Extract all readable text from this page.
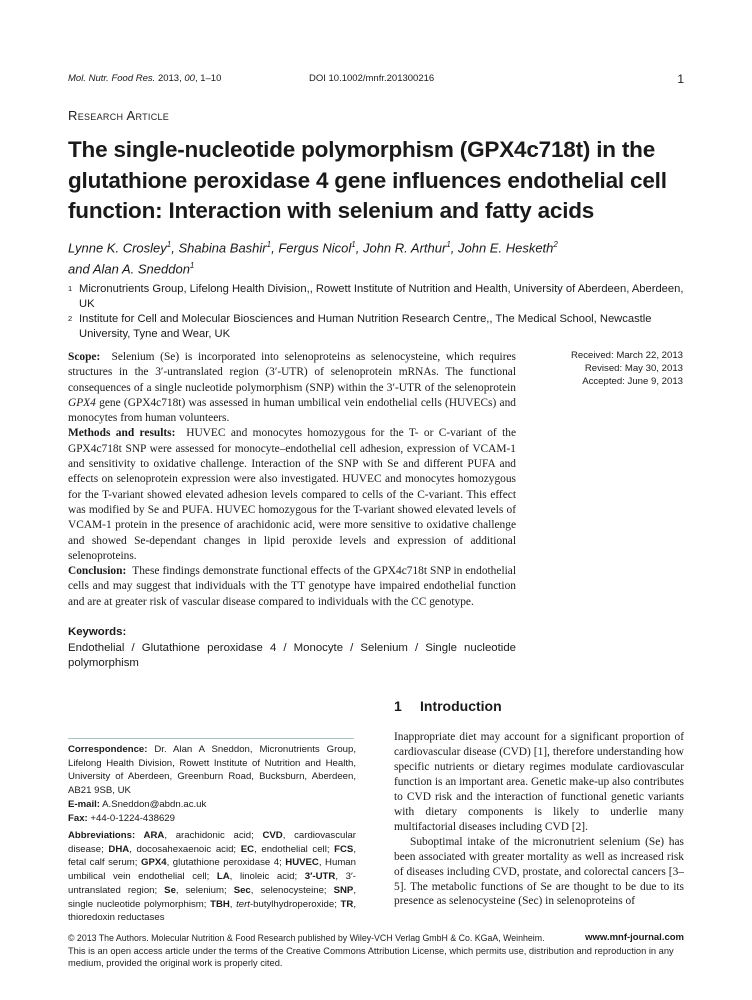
Mol. Nutr. Food Res. 2013, 00, 1–10	DOI 10.1002/mnfr.201300216	1
Research Article
The single-nucleotide polymorphism (GPX4c718t) in the glutathione peroxidase 4 gene influences endothelial cell function: Interaction with selenium and fatty acids
Lynne K. Crosley$^1$, Shabina Bashir$^1$, Fergus Nicol$^1$, John R. Arthur$^1$, John E. Hesketh$^2$
and Alan A. Sneddon$^1$
1 Micronutrients Group, Lifelong Health Division,, Rowett Institute of Nutrition and Health, University of Aberdeen, Aberdeen, UK
2 Institute for Cell and Molecular Biosciences and Human Nutrition Research Centre,, The Medical School, Newcastle University, Tyne and Wear, UK

Scope: Selenium (Se) is incorporated into selenoproteins as selenocysteine, which requires structures in the 3′-untranslated region (3′-UTR) of selenoprotein mRNAs. The functional consequences of a single nucleotide polymorphism (SNP) within the 3′-UTR of the selenoprotein GPX4 gene (GPX4c718t) was assessed in human umbilical vein endothelial cells (HUVECs) and monocytes from human volunteers.

Methods and results: HUVEC and monocytes homozygous for the T- or C-variant of the GPX4c718t SNP were assessed for monocyte–endothelial cell adhesion, expression of VCAM-1 and sensitivity to oxidative challenge. Interaction of the SNP with Se and different PUFA and effects on selenoprotein expression were also investigated. HUVEC and monocytes homozygous for the T-variant showed elevated adhesion levels compared to cells of the C-variant. This effect was modified by Se and PUFA. HUVEC homozygous for the T-variant showed elevated levels of VCAM-1 protein in the presence of arachidonic acid, were more sensitive to oxidative challenge and showed Se-dependant changes in lipid peroxide levels and expression of additional selenoproteins.

Conclusion: These findings demonstrate functional effects of the GPX4c718t SNP in endothelial cells and may suggest that individuals with the TT genotype have impaired endothelial function and are at greater risk of vascular disease compared to individuals with the CC genotype.

Received: March 22, 2013
Revised: May 30, 2013
Accepted: June 9, 2013
Keywords:
Endothelial / Glutathione peroxidase 4 / Monocyte / Selenium / Single nucleotide polymorphism
Correspondence: Dr. Alan A Sneddon, Micronutrients Group, Lifelong Health Division, Rowett Institute of Nutrition and Health, University of Aberdeen, Greenburn Road, Bucksburn, Aberdeen, AB21 9SB, UK
E-mail: A.Sneddon@abdn.ac.uk
Fax: +44-0-1224-438629
Abbreviations: ARA, arachidonic acid; CVD, cardiovascular disease; DHA, docosahexaenoic acid; EC, endothelial cell; FCS, fetal calf serum; GPX4, glutathione peroxidase 4; HUVEC, Human umbilical vein endothelial cell; LA, linoleic acid; 3′-UTR, 3′-untranslated region; Se, selenium; Sec, selenocysteine; SNP, single nucleotide polymorphism; TBH, tert-butylhydroperoxide; TR, thioredoxin reductases
1 Introduction

Inappropriate diet may account for a significant proportion of cardiovascular disease (CVD) [1], therefore understanding how specific nutrients or dietary regimes modulate cardiovascular function is an important area. Genetic make-up also contributes to CVD risk and the interaction of functional genetic variants with dietary components is likely to underlie many multifactorial diseases including CVD [2].

Suboptimal intake of the micronutrient selenium (Se) has been associated with greater mortality as well as increased risk of diseases including CVD, prostate, and colorectal cancers [3–5]. The metabolic functions of Se are thought to be due to its presence as selenocysteine (Sec) in selenoproteins of

© 2013 The Authors. Molecular Nutrition & Food Research published by Wiley-VCH Verlag GmbH & Co. KGaA, Weinheim.	www.mnf-journal.com
This is an open access article under the terms of the Creative Commons Attribution License, which permits use, distribution and reproduction in any medium, provided the original work is properly cited.
